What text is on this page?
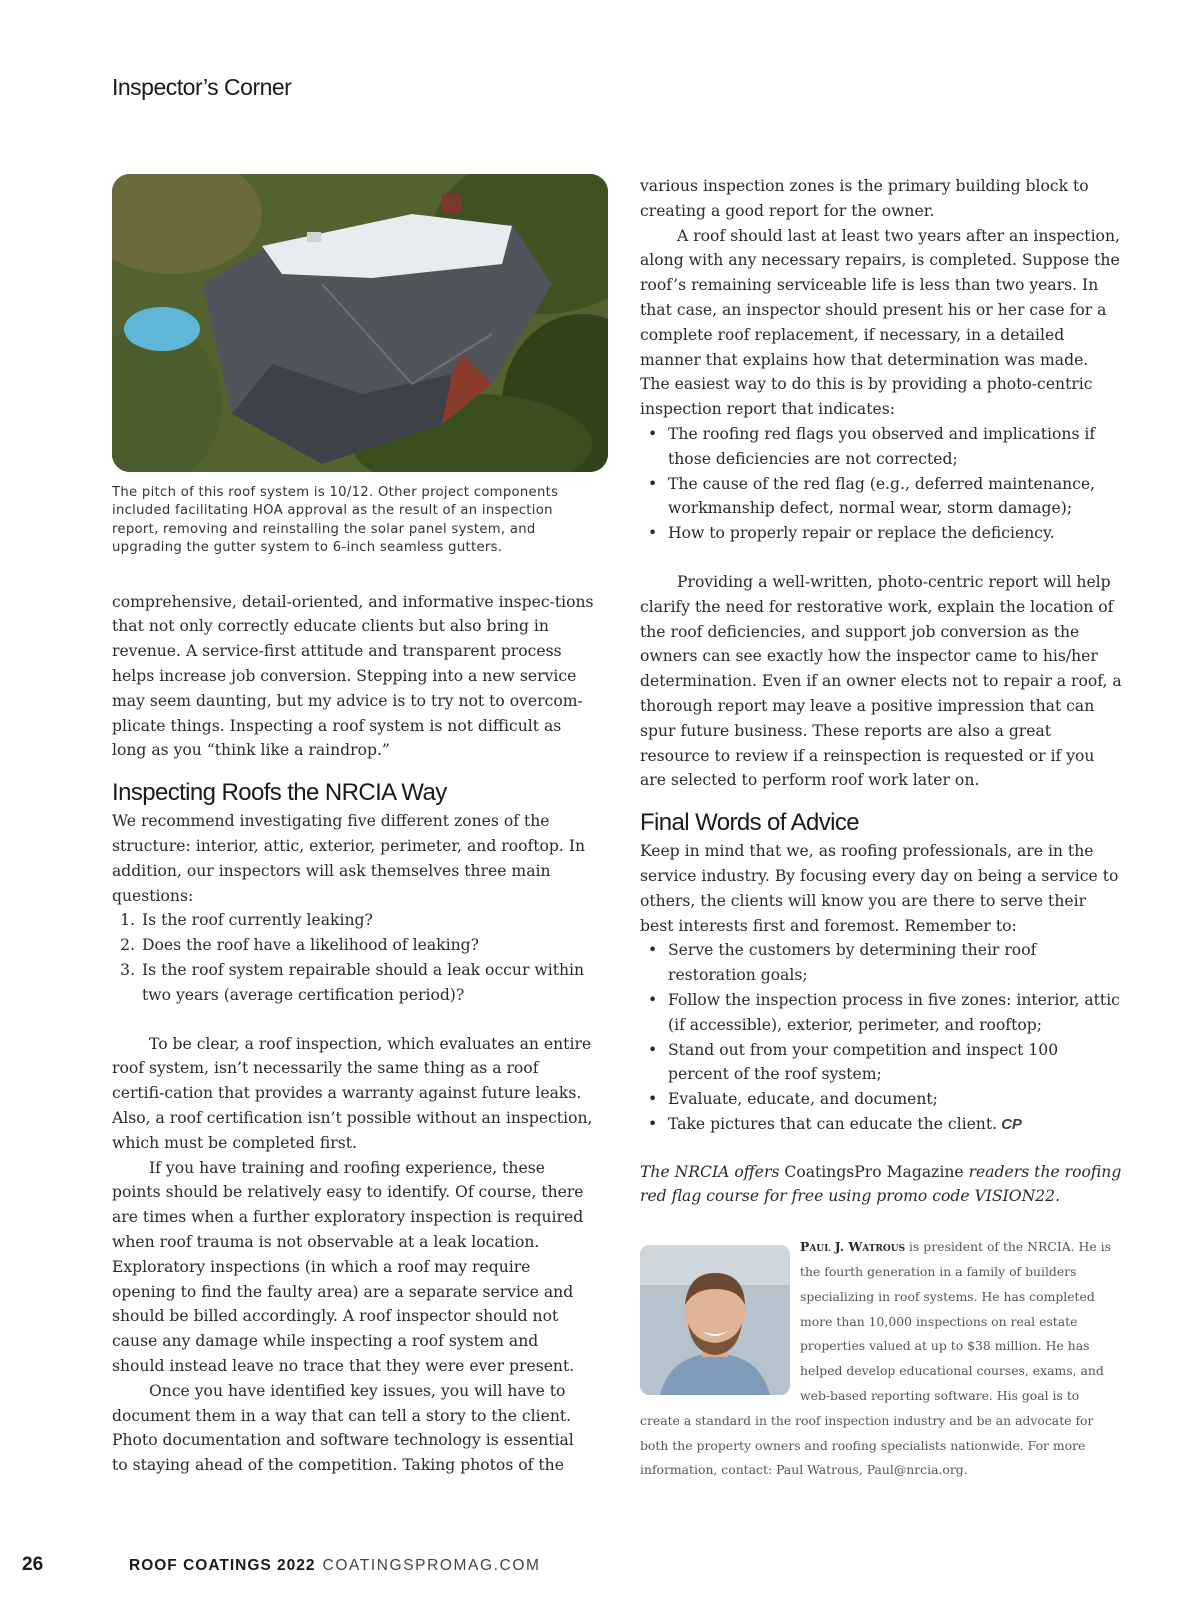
Inspector’s Corner

The pitch of this roof system is 10/12. Other project components included facilitating HOA approval as the result of an inspection report, removing and reinstalling the solar panel system, and upgrading the gutter system to 6-inch seamless gutters.

comprehensive, detail-oriented, and informative inspec-tions that not only correctly educate clients but also bring in revenue. A service-first attitude and transparent process helps increase job conversion. Stepping into a new service may seem daunting, but my advice is to try not to overcom-plicate things. Inspecting a roof system is not difficult as long as you “think like a raindrop.”

Inspecting Roofs the NRCIA Way

We recommend investigating five different zones of the structure: interior, attic, exterior, perimeter, and rooftop. In addition, our inspectors will ask themselves three main questions:

1. Is the roof currently leaking?
2. Does the roof have a likelihood of leaking?
3. Is the roof system repairable should a leak occur within two years (average certification period)?

To be clear, a roof inspection, which evaluates an entire roof system, isn’t necessarily the same thing as a roof certifi-cation that provides a warranty against future leaks. Also, a roof certification isn’t possible without an inspection, which must be completed first.

If you have training and roofing experience, these points should be relatively easy to identify. Of course, there are times when a further exploratory inspection is required when roof trauma is not observable at a leak location. Exploratory inspections (in which a roof may require opening to find the faulty area) are a separate service and should be billed accordingly. A roof inspector should not cause any damage while inspecting a roof system and should instead leave no trace that they were ever present.

Once you have identified key issues, you will have to document them in a way that can tell a story to the client. Photo documentation and software technology is essential to staying ahead of the competition. Taking photos of the

various inspection zones is the primary building block to creating a good report for the owner.

A roof should last at least two years after an inspection, along with any necessary repairs, is completed. Suppose the roof’s remaining serviceable life is less than two years. In that case, an inspector should present his or her case for a complete roof replacement, if necessary, in a detailed manner that explains how that determination was made. The easiest way to do this is by providing a photo-centric inspection report that indicates:

• The roofing red flags you observed and implications if those deficiencies are not corrected;
• The cause of the red flag (e.g., deferred maintenance, workmanship defect, normal wear, storm damage);
• How to properly repair or replace the deficiency.

Providing a well-written, photo-centric report will help clarify the need for restorative work, explain the location of the roof deficiencies, and support job conversion as the owners can see exactly how the inspector came to his/her determination. Even if an owner elects not to repair a roof, a thorough report may leave a positive impression that can spur future business. These reports are also a great resource to review if a reinspection is requested or if you are selected to perform roof work later on.

Final Words of Advice

Keep in mind that we, as roofing professionals, are in the service industry. By focusing every day on being a service to others, the clients will know you are there to serve their best interests first and foremost. Remember to:

• Serve the customers by determining their roof restoration goals;
• Follow the inspection process in five zones: interior, attic (if accessible), exterior, perimeter, and rooftop;
• Stand out from your competition and inspect 100 percent of the roof system;
• Evaluate, educate, and document;
• Take pictures that can educate the client. CP

The NRCIA offers CoatingsPro Magazine readers the roofing red flag course for free using promo code VISION22.

Paul J. Watrous is president of the NRCIA. He is the fourth generation in a family of builders specializing in roof systems. He has completed more than 10,000 inspections on real estate properties valued at up to $38 million. He has helped develop educational courses, exams, and web-based reporting software. His goal is to create a standard in the roof inspection industry and be an advocate for both the property owners and roofing specialists nationwide. For more information, contact: Paul Watrous, Paul@nrcia.org.
26	ROOF COATINGS 2022 COATINGSPROMAG.COM
